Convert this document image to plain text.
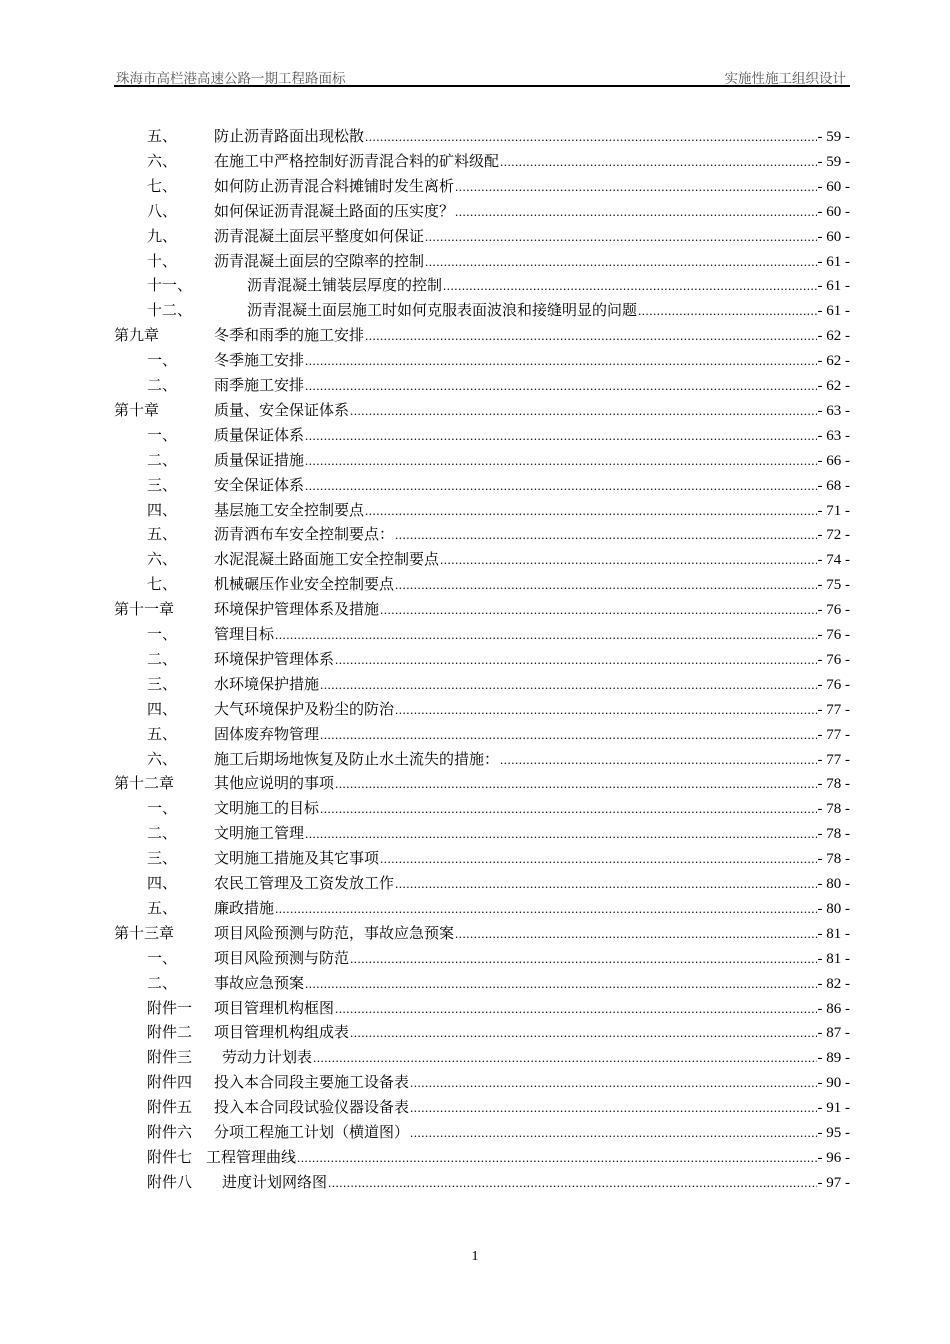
珠海市高栏港高速公路一期工程路面标	实施性施工组织设计
五、 防止沥青路面出现松散 .....	- 59 -
六、 在施工中严格控制好沥青混合料的矿料级配 .....	- 59 -
七、 如何防止沥青混合料摊铺时发生离析 .....	- 60 -
八、 如何保证沥青混凝土路面的压实度？ .....	- 60 -
九、 沥青混凝土面层平整度如何保证 .....	- 60 -
十、 沥青混凝土面层的空隙率的控制 .....	- 61 -
十一、	沥青混凝土铺装层厚度的控制 .....	- 61 -
十二、	沥青混凝土面层施工时如何克服表面波浪和接缝明显的问题 .....	- 61 -
第九章	冬季和雨季的施工安排 .....	- 62 -
一、 冬季施工安排 .....	- 62 -
二、 雨季施工安排 .....	- 62 -
第十章	质量、安全保证体系 .....	- 63 -
一、 质量保证体系 .....	- 63 -
二、 质量保证措施 .....	- 66 -
三、 安全保证体系 .....	- 68 -
四、 基层施工安全控制要点 .....	- 71 -
五、 沥青洒布车安全控制要点： .....	- 72 -
六、 水泥混凝土路面施工安全控制要点 .....	- 74 -
七、 机械碾压作业安全控制要点 .....	- 75 -
第十一章	环境保护管理体系及措施 .....	- 76 -
一、 管理目标 .....	- 76 -
二、 环境保护管理体系 .....	- 76 -
三、 水环境保护措施 .....	- 76 -
四、 大气环境保护及粉尘的防治 .....	- 77 -
五、 固体废弃物管理 .....	- 77 -
六、 施工后期场地恢复及防止水土流失的措施： .....	- 77 -
第十二章	其他应说明的事项 .....	- 78 -
一、 文明施工的目标 .....	- 78 -
二、 文明施工管理 .....	- 78 -
三、 文明施工措施及其它事项 .....	- 78 -
四、 农民工管理及工资发放工作 .....	- 80 -
五、 廉政措施 .....	- 80 -
第十三章	项目风险预测与防范，事故应急预案 .....	- 81 -
一、 项目风险预测与防范 .....	- 81 -
二、 事故应急预案 .....	- 82 -
附件一 项目管理机构框图 .....	- 86 -
附件二 项目管理机构组成表 .....	- 87 -
附件三 劳动力计划表 .....	- 89 -
附件四 投入本合同段主要施工设备表 .....	- 90 -
附件五 投入本合同段试验仪器设备表 .....	- 91 -
附件六 分项工程施工计划（横道图） .....	- 95 -
附件七 工程管理曲线 .....	- 96 -
附件八 进度计划网络图 .....	- 97 -
1
